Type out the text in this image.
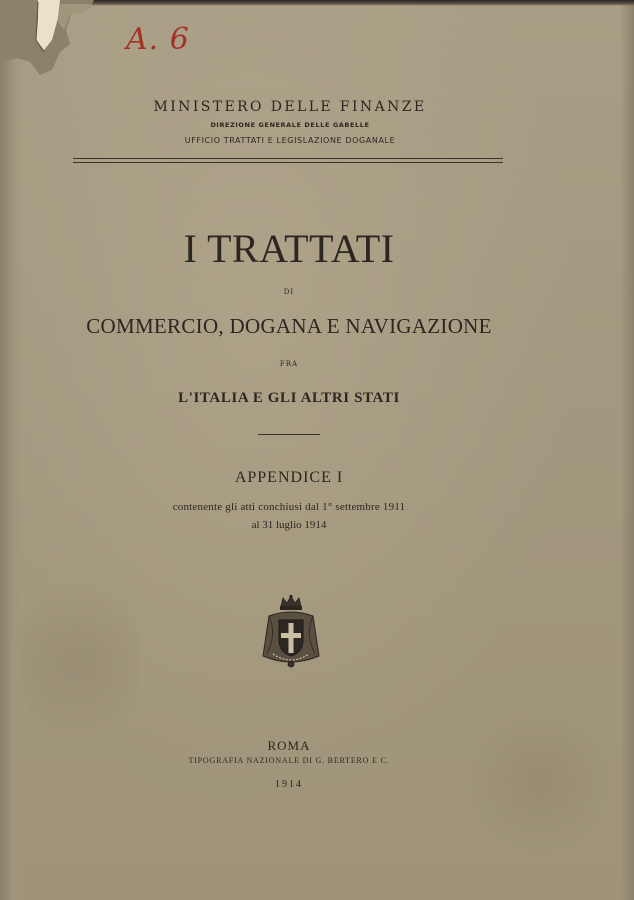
A. 6
MINISTERO DELLE FINANZE
DIREZIONE GENERALE DELLE GABELLE
UFFICIO TRATTATI E LEGISLAZIONE DOGANALE
I TRATTATI
DI
COMMERCIO, DOGANA E NAVIGAZIONE
FRA
L'ITALIA E GLI ALTRI STATI
APPENDICE I
contenente gli atti conchiusi dal 1° settembre 1911
al 31 luglio 1914
ROMA
TIPOGRAFIA NAZIONALE DI G. BERTERO E C.
1914
